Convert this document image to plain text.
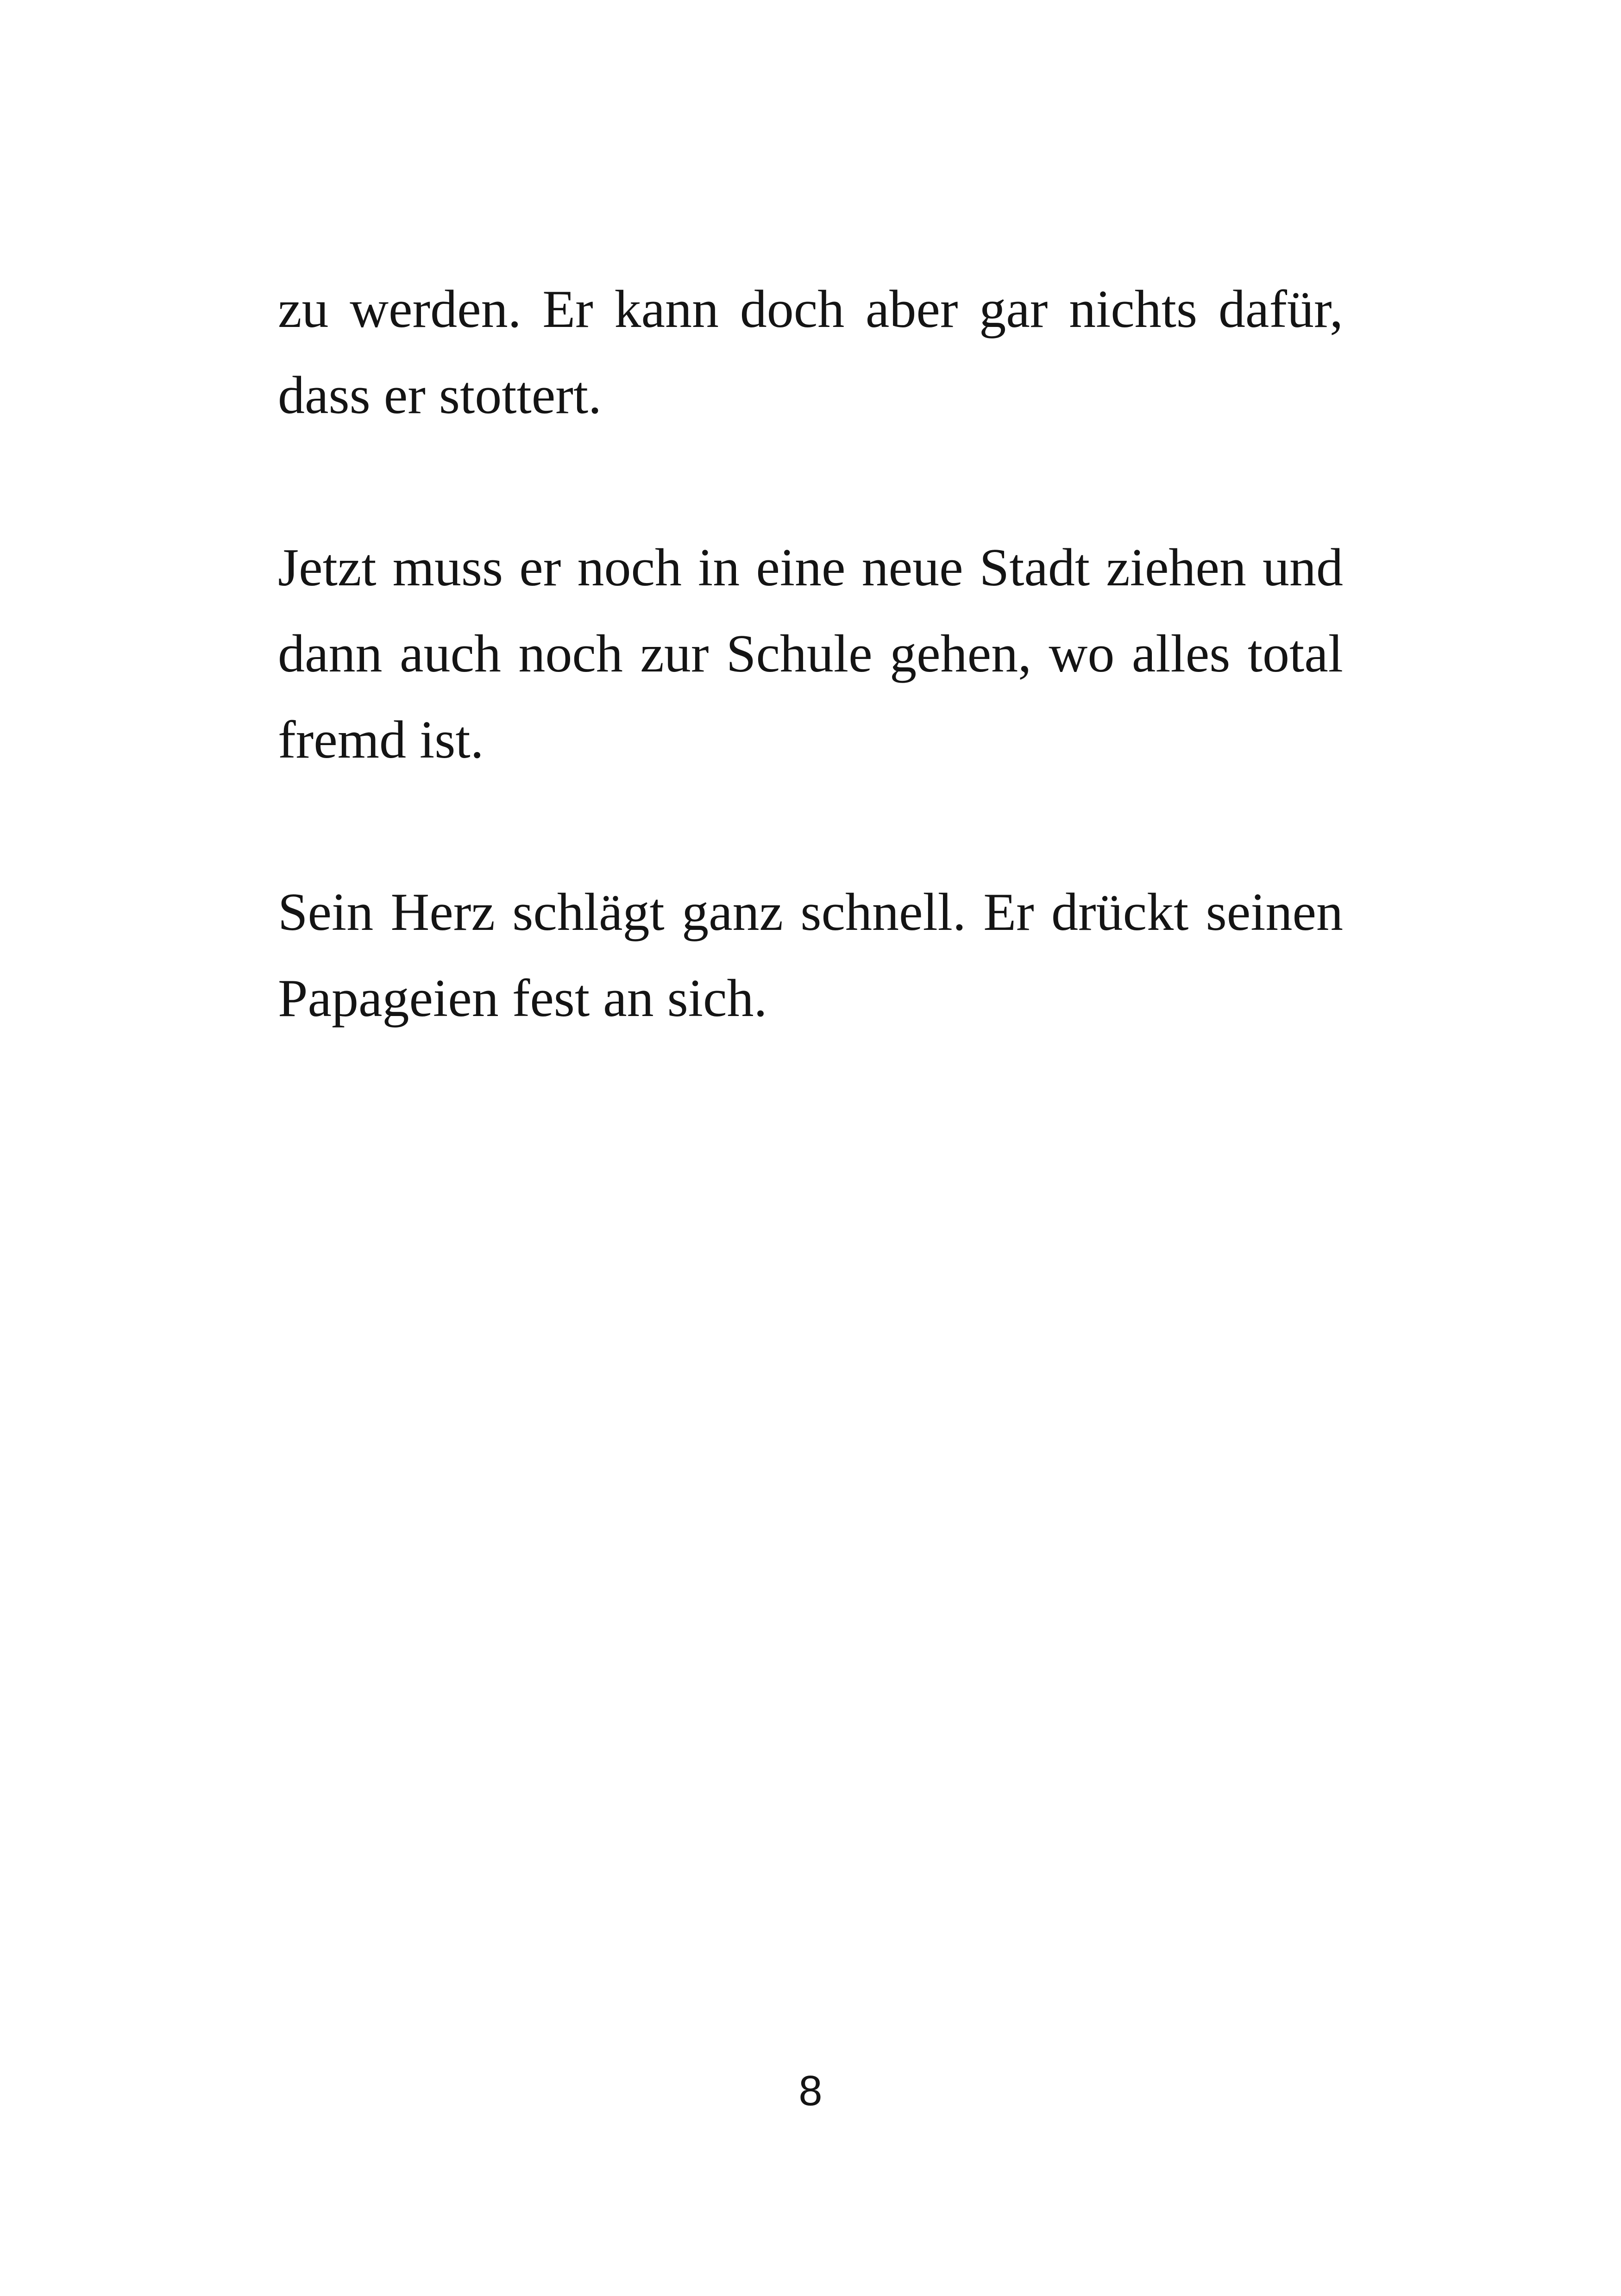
zu werden. Er kann doch aber gar nichts dafür, dass er stottert.

Jetzt muss er noch in eine neue Stadt ziehen und dann auch noch zur Schule gehen, wo alles total fremd ist.

Sein Herz schlägt ganz schnell. Er drückt seinen Papageien fest an sich.

8
